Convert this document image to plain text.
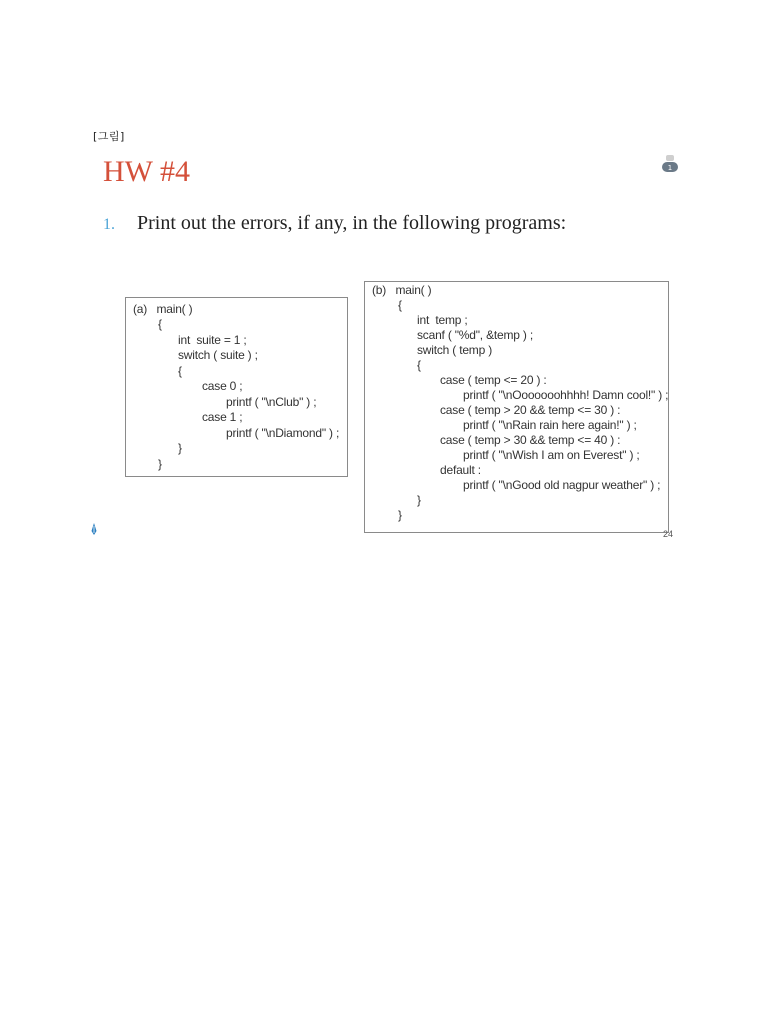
[그림]
HW #4	1
1. Print out the errors, if any, in the following programs:
(a)   main( )
{
int  suite = 1 ;
switch ( suite ) ;
{
case 0 ;
printf ( "\nClub" ) ;
case 1 ;
printf ( "\nDiamond" ) ;
}
}
(b)   main( )
{
int  temp ;
scanf ( "%d", &temp ) ;
switch ( temp )
{
case ( temp <= 20 ) :
printf ( "\nOoooooohhhh! Damn cool!" ) ;
case ( temp > 20 && temp <= 30 ) :
printf ( "\nRain rain here again!" ) ;
case ( temp > 30 && temp <= 40 ) :
printf ( "\nWish I am on Everest" ) ;
default :
printf ( "\nGood old nagpur weather" ) ;
}
}
24
